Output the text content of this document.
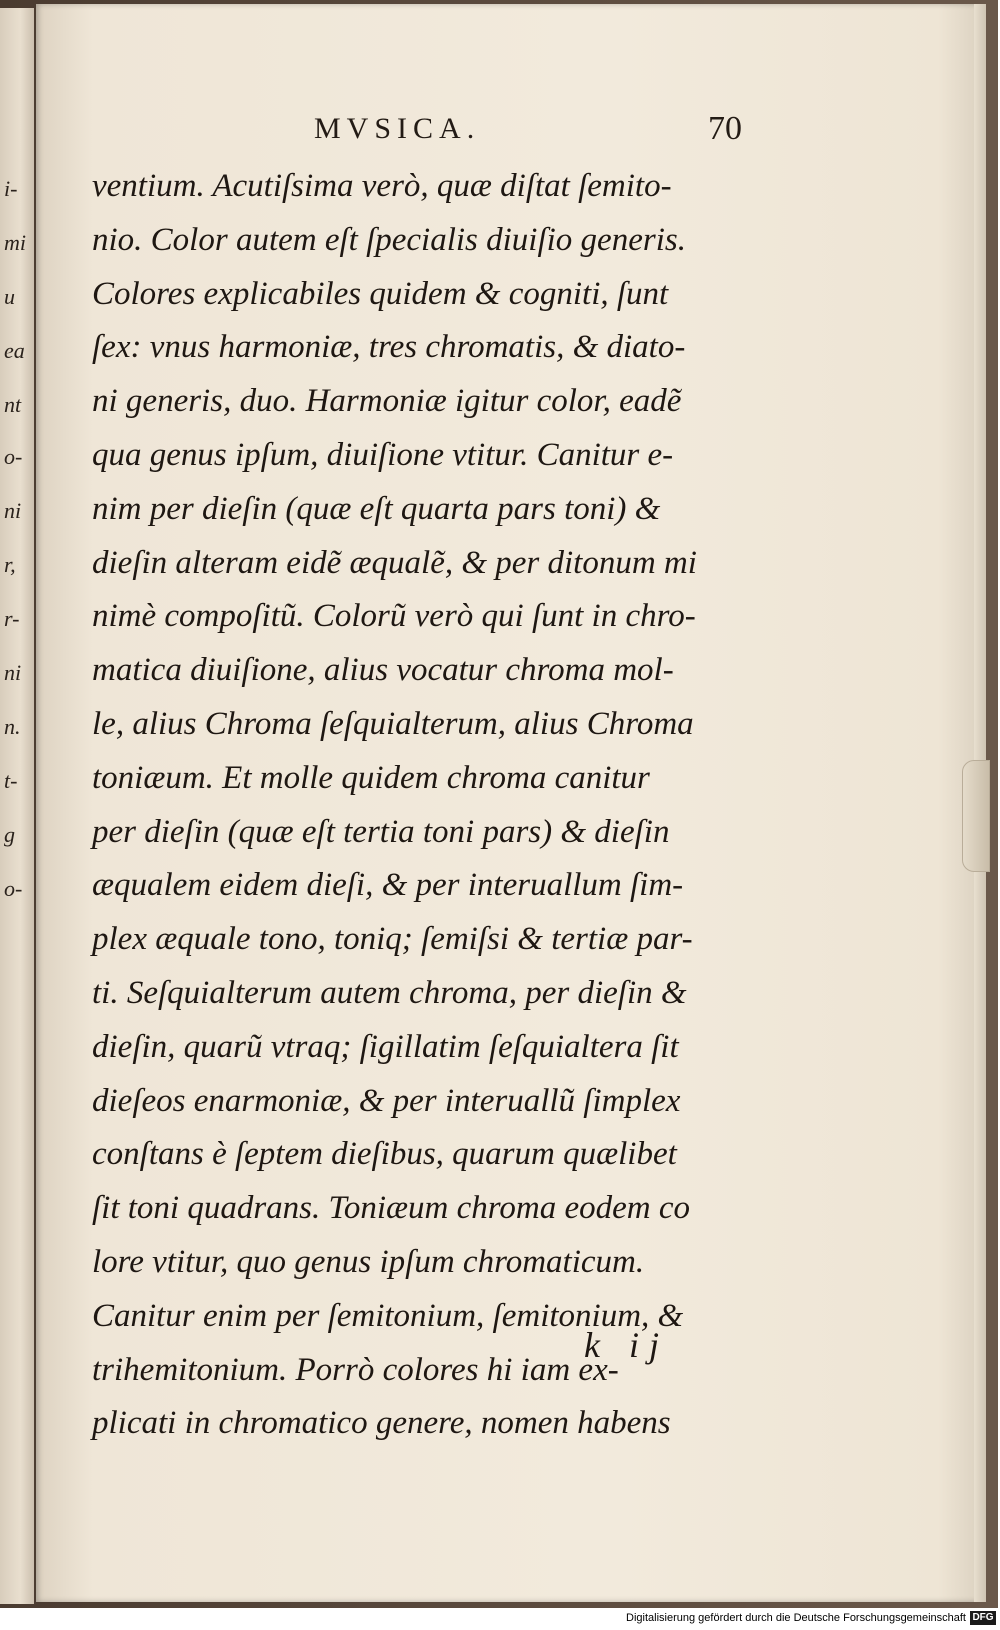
i-
mi
u
ea
nt
o-
ni
r,
r-
ni
n.
t-
g
o-
MVSICA.	70
ventium. Acutiſsima verò, quæ diſtat ſemito-
nio. Color autem eſt ſpecialis diuiſio generis.
Colores explicabiles quidem & cogniti, ſunt
ſex: vnus harmoniæ, tres chromatis, & diato-
ni generis, duo. Harmoniæ igitur color, eadẽ
qua genus ipſum, diuiſione vtitur. Canitur e-
nim per dieſin (quæ eſt quarta pars toni) &
dieſin alteram eidẽ æqualẽ, & per ditonum mi
nimè compoſitũ. Colorũ verò qui ſunt in chro-
matica diuiſione, alius vocatur chroma mol-
le, alius Chroma ſeſquialterum, alius Chroma
toniæum. Et molle quidem chroma canitur
per dieſin (quæ eſt tertia toni pars) & dieſin
æqualem eidem dieſi, & per interuallum ſim-
plex æquale tono, toniq; ſemiſsi & tertiæ par-
ti. Seſquialterum autem chroma, per dieſin &
dieſin, quarũ vtraq; ſigillatim ſeſquialtera ſit
dieſeos enarmoniæ, & per interuallũ ſimplex
conſtans è ſeptem dieſibus, quarum quælibet
ſit toni quadrans. Toniæum chroma eodem co
lore vtitur, quo genus ipſum chromaticum.
Canitur enim per ſemitonium, ſemitonium, &
trihemitonium. Porrò colores hi iam ex-
plicati in chromatico genere, nomen habens
k ij
Digitalisierung gefördert durch die Deutsche Forschungsgemeinschaft DFG
